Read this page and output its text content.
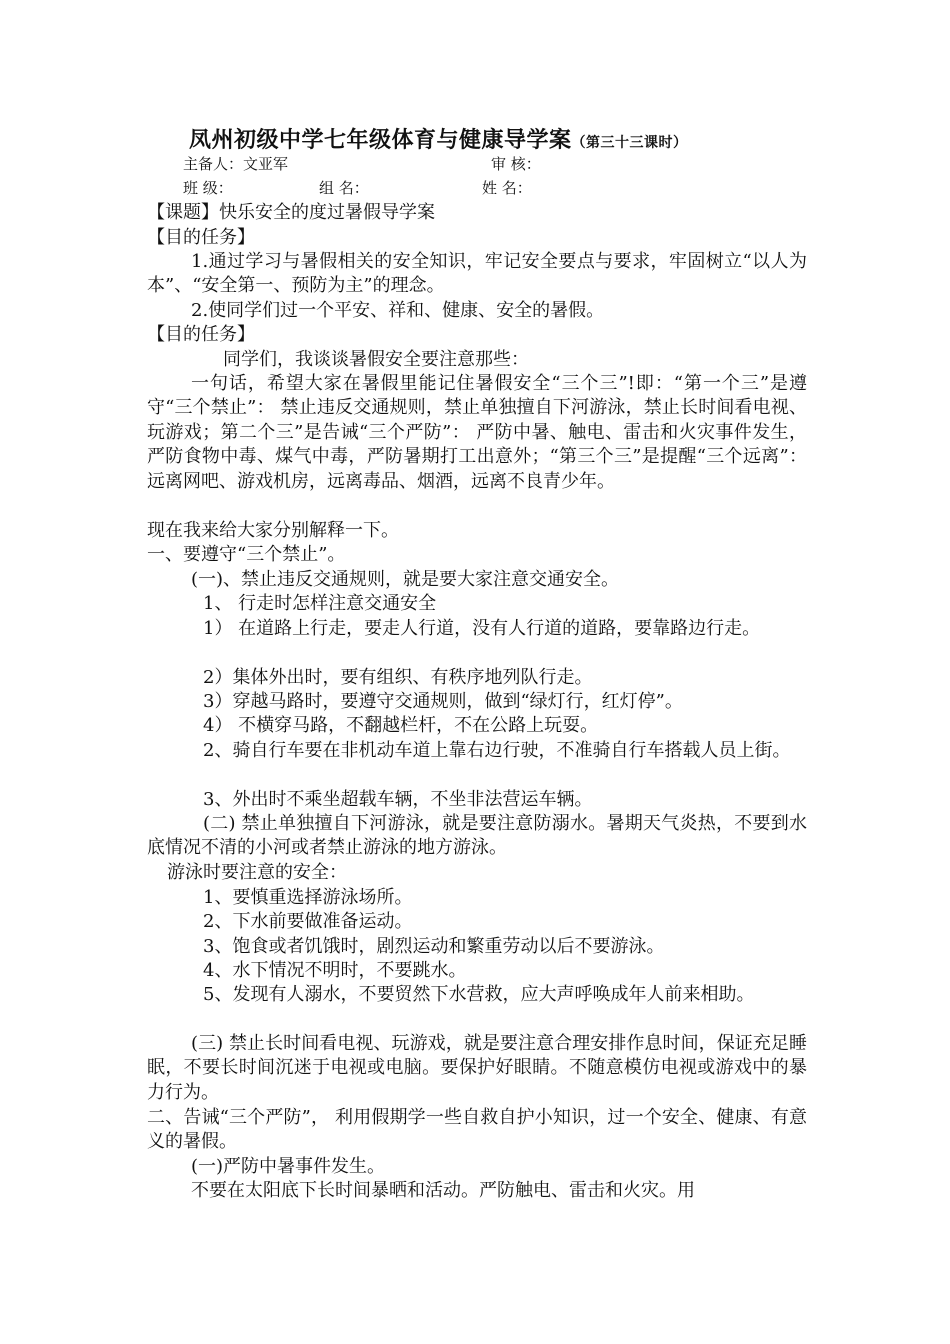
凤州初级中学七年级体育与健康导学案（第三十三课时）
主备人：文亚军	审 核：
班 级：	组 名：	姓 名：
【课题】快乐安全的度过暑假导学案
【目的任务】
1.通过学习与暑假相关的安全知识，牢记安全要点与要求，牢固树立“以人为本”、“安全第一、预防为主”的理念。
2.使同学们过一个平安、祥和、健康、安全的暑假。
【目的任务】
同学们，我谈谈暑假安全要注意那些：
一句话，希望大家在暑假里能记住暑假安全“三个三”!即：“第一个三”是遵守“三个禁止”： 禁止违反交通规则，禁止单独擅自下河游泳，禁止长时间看电视、玩游戏；第二个三”是告诫“三个严防”： 严防中暑、触电、雷击和火灾事件发生，严防食物中毒、煤气中毒，严防暑期打工出意外；“第三个三”是提醒“三个远离”：远离网吧、游戏机房，远离毒品、烟酒，远离不良青少年。
现在我来给大家分别解释一下。
一、要遵守“三个禁止”。
(一)、禁止违反交通规则，就是要大家注意交通安全。
1、 行走时怎样注意交通安全
1） 在道路上行走，要走人行道，没有人行道的道路，要靠路边行走。
2）集体外出时，要有组织、有秩序地列队行走。
3）穿越马路时，要遵守交通规则，做到“绿灯行，红灯停”。
4） 不横穿马路，不翻越栏杆，不在公路上玩耍。
2、骑自行车要在非机动车道上靠右边行驶，不准骑自行车搭载人员上街。
3、外出时不乘坐超载车辆，不坐非法营运车辆。
(二) 禁止单独擅自下河游泳，就是要注意防溺水。暑期天气炎热，不要到水底情况不清的小河或者禁止游泳的地方游泳。
游泳时要注意的安全：
1、要慎重选择游泳场所。
2、下水前要做准备运动。
3、饱食或者饥饿时，剧烈运动和繁重劳动以后不要游泳。
4、水下情况不明时，不要跳水。
5、发现有人溺水，不要贸然下水营救，应大声呼唤成年人前来相助。
(三) 禁止长时间看电视、玩游戏，就是要注意合理安排作息时间，保证充足睡眠，不要长时间沉迷于电视或电脑。要保护好眼睛。不随意模仿电视或游戏中的暴力行为。
二、告诫“三个严防”， 利用假期学一些自救自护小知识，过一个安全、健康、有意义的暑假。
(一)严防中暑事件发生。
不要在太阳底下长时间暴晒和活动。严防触电、雷击和火灾。用
